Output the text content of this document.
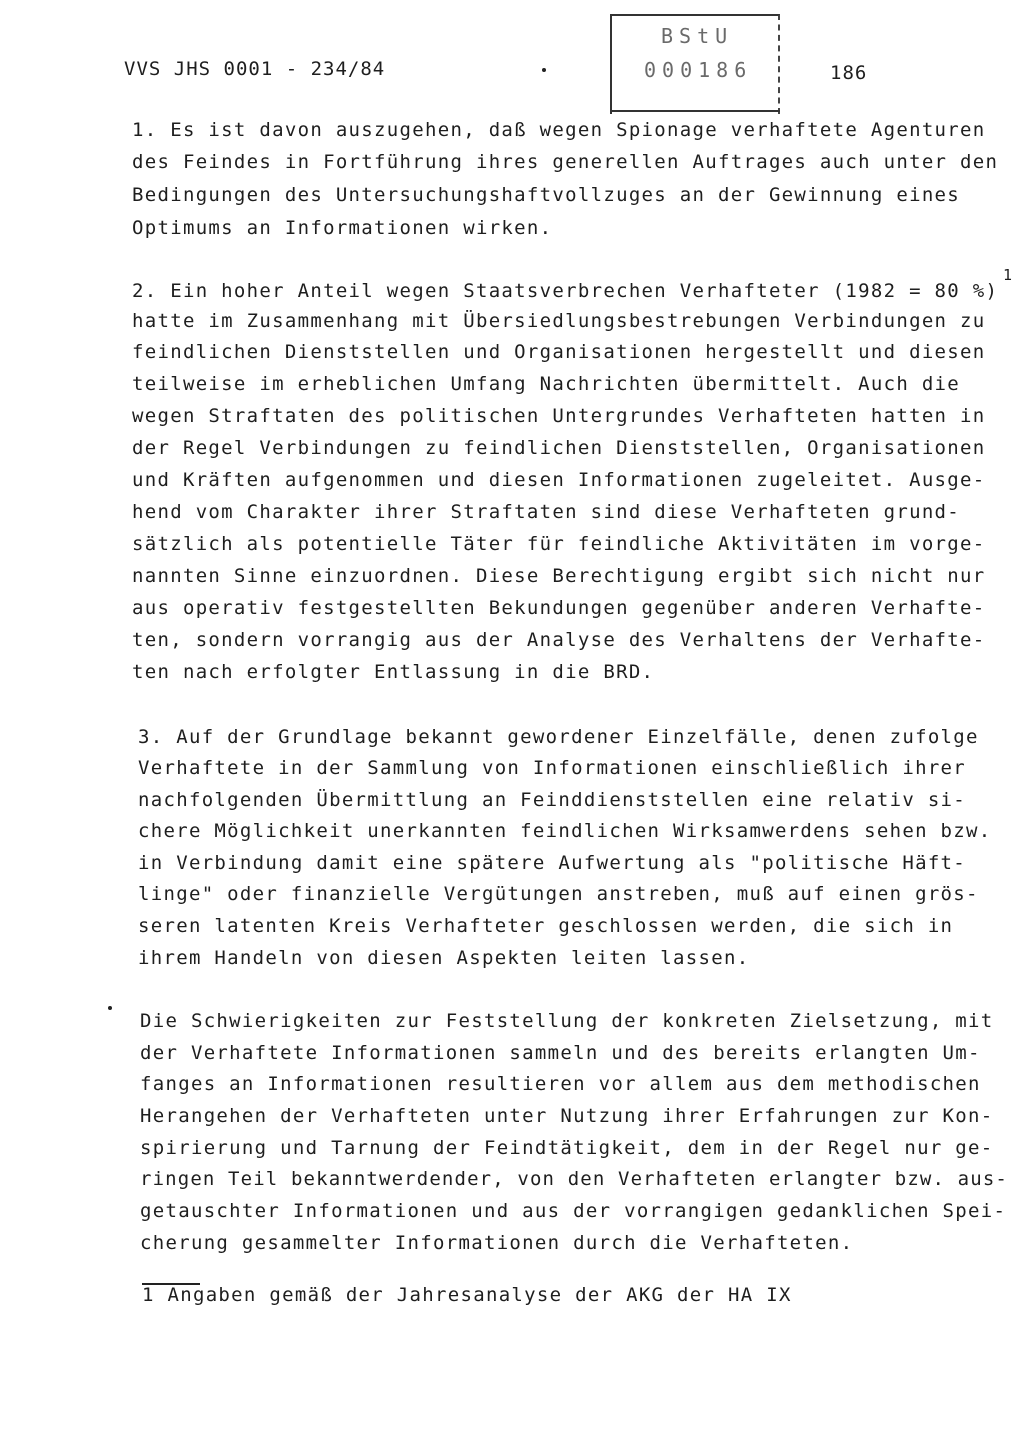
VVS JHS 0001 - 234/84	186
BStU
000186
1. Es ist davon auszugehen, daß wegen Spionage verhaftete Agenturen
des Feindes in Fortführung ihres generellen Auftrages auch unter den
Bedingungen des Untersuchungshaftvollzuges an der Gewinnung eines
Optimums an Informationen wirken.
2. Ein hoher Anteil wegen Staatsverbrechen Verhafteter (1982 = 80 %)
1
hatte im Zusammenhang mit Übersiedlungsbestrebungen Verbindungen zu
feindlichen Dienststellen und Organisationen hergestellt und diesen
teilweise im erheblichen Umfang Nachrichten übermittelt. Auch die
wegen Straftaten des politischen Untergrundes Verhafteten hatten in
der Regel Verbindungen zu feindlichen Dienststellen, Organisationen
und Kräften aufgenommen und diesen Informationen zugeleitet. Ausge-
hend vom Charakter ihrer Straftaten sind diese Verhafteten grund-
sätzlich als potentielle Täter für feindliche Aktivitäten im vorge-
nannten Sinne einzuordnen. Diese Berechtigung ergibt sich nicht nur
aus operativ festgestellten Bekundungen gegenüber anderen Verhafte-
ten, sondern vorrangig aus der Analyse des Verhaltens der Verhafte-
ten nach erfolgter Entlassung in die BRD.
3. Auf der Grundlage bekannt gewordener Einzelfälle, denen zufolge
Verhaftete in der Sammlung von Informationen einschließlich ihrer
nachfolgenden Übermittlung an Feinddienststellen eine relativ si-
chere Möglichkeit unerkannten feindlichen Wirksamwerdens sehen bzw.
in Verbindung damit eine spätere Aufwertung als "politische Häft-
linge" oder finanzielle Vergütungen anstreben, muß auf einen grös-
seren latenten Kreis Verhafteter geschlossen werden, die sich in
ihrem Handeln von diesen Aspekten leiten lassen.
Die Schwierigkeiten zur Feststellung der konkreten Zielsetzung, mit
der Verhaftete Informationen sammeln und des bereits erlangten Um-
fanges an Informationen resultieren vor allem aus dem methodischen
Herangehen der Verhafteten unter Nutzung ihrer Erfahrungen zur Kon-
spirierung und Tarnung der Feindtätigkeit, dem in der Regel nur ge-
ringen Teil bekanntwerdender, von den Verhafteten erlangter bzw. aus-
getauschter Informationen und aus der vorrangigen gedanklichen Spei-
cherung gesammelter Informationen durch die Verhafteten.
1 Angaben gemäß der Jahresanalyse der AKG der HA IX
